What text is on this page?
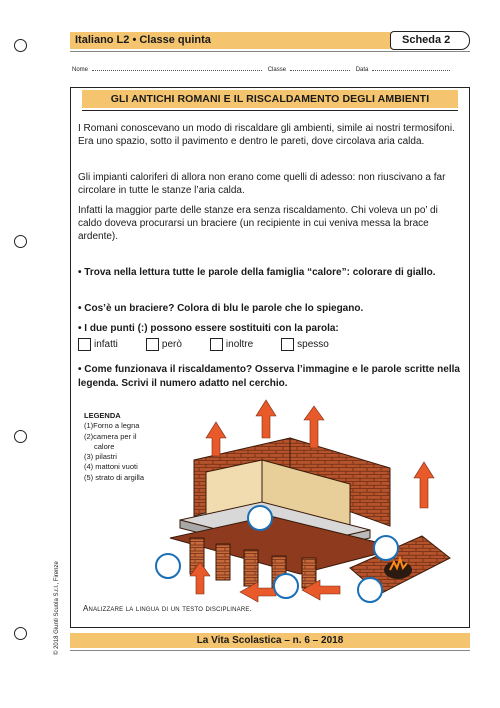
Italiano L2 • Classe quinta	Scheda 2
Nome	Classe	Data
GLI ANTICHI ROMANI E IL RISCALDAMENTO DEGLI AMBIENTI

I Romani conoscevano un modo di riscaldare gli ambienti, simile ai nostri termosifoni. Era uno spazio, sotto il pavimento e dentro le pareti, dove circolava aria calda.

Gli impianti caloriferi di allora non erano come quelli di adesso: non riuscivano a far circolare in tutte le stanze l’aria calda.

Infatti la maggior parte delle stanze era senza riscaldamento. Chi voleva un po’ di caldo doveva procurarsi un braciere (un recipiente in cui veniva messa la brace ardente).

• Trova nella lettura tutte le parole della famiglia “calore”: colorare di giallo.

• Cos’è un braciere? Colora di blu le parole che lo spiegano.

• I due punti (:) possono essere sostituiti con la parola:

infatti	però	inoltre	spesso

• Come funzionava il riscaldamento? Osserva l’immagine e le parole scritte nella legenda. Scrivi il numero adatto nel cerchio.

LEGENDA
(1)Forno a legna
(2)camera per il
calore
(3) pilastri
(4) mattoni vuoti
(5) strato di argilla
Analizzare la lingua di un testo disciplinare.
© 2018 Giunti Scuola S.r.l., Firenze	La Vita Scolastica – n. 6 – 2018
